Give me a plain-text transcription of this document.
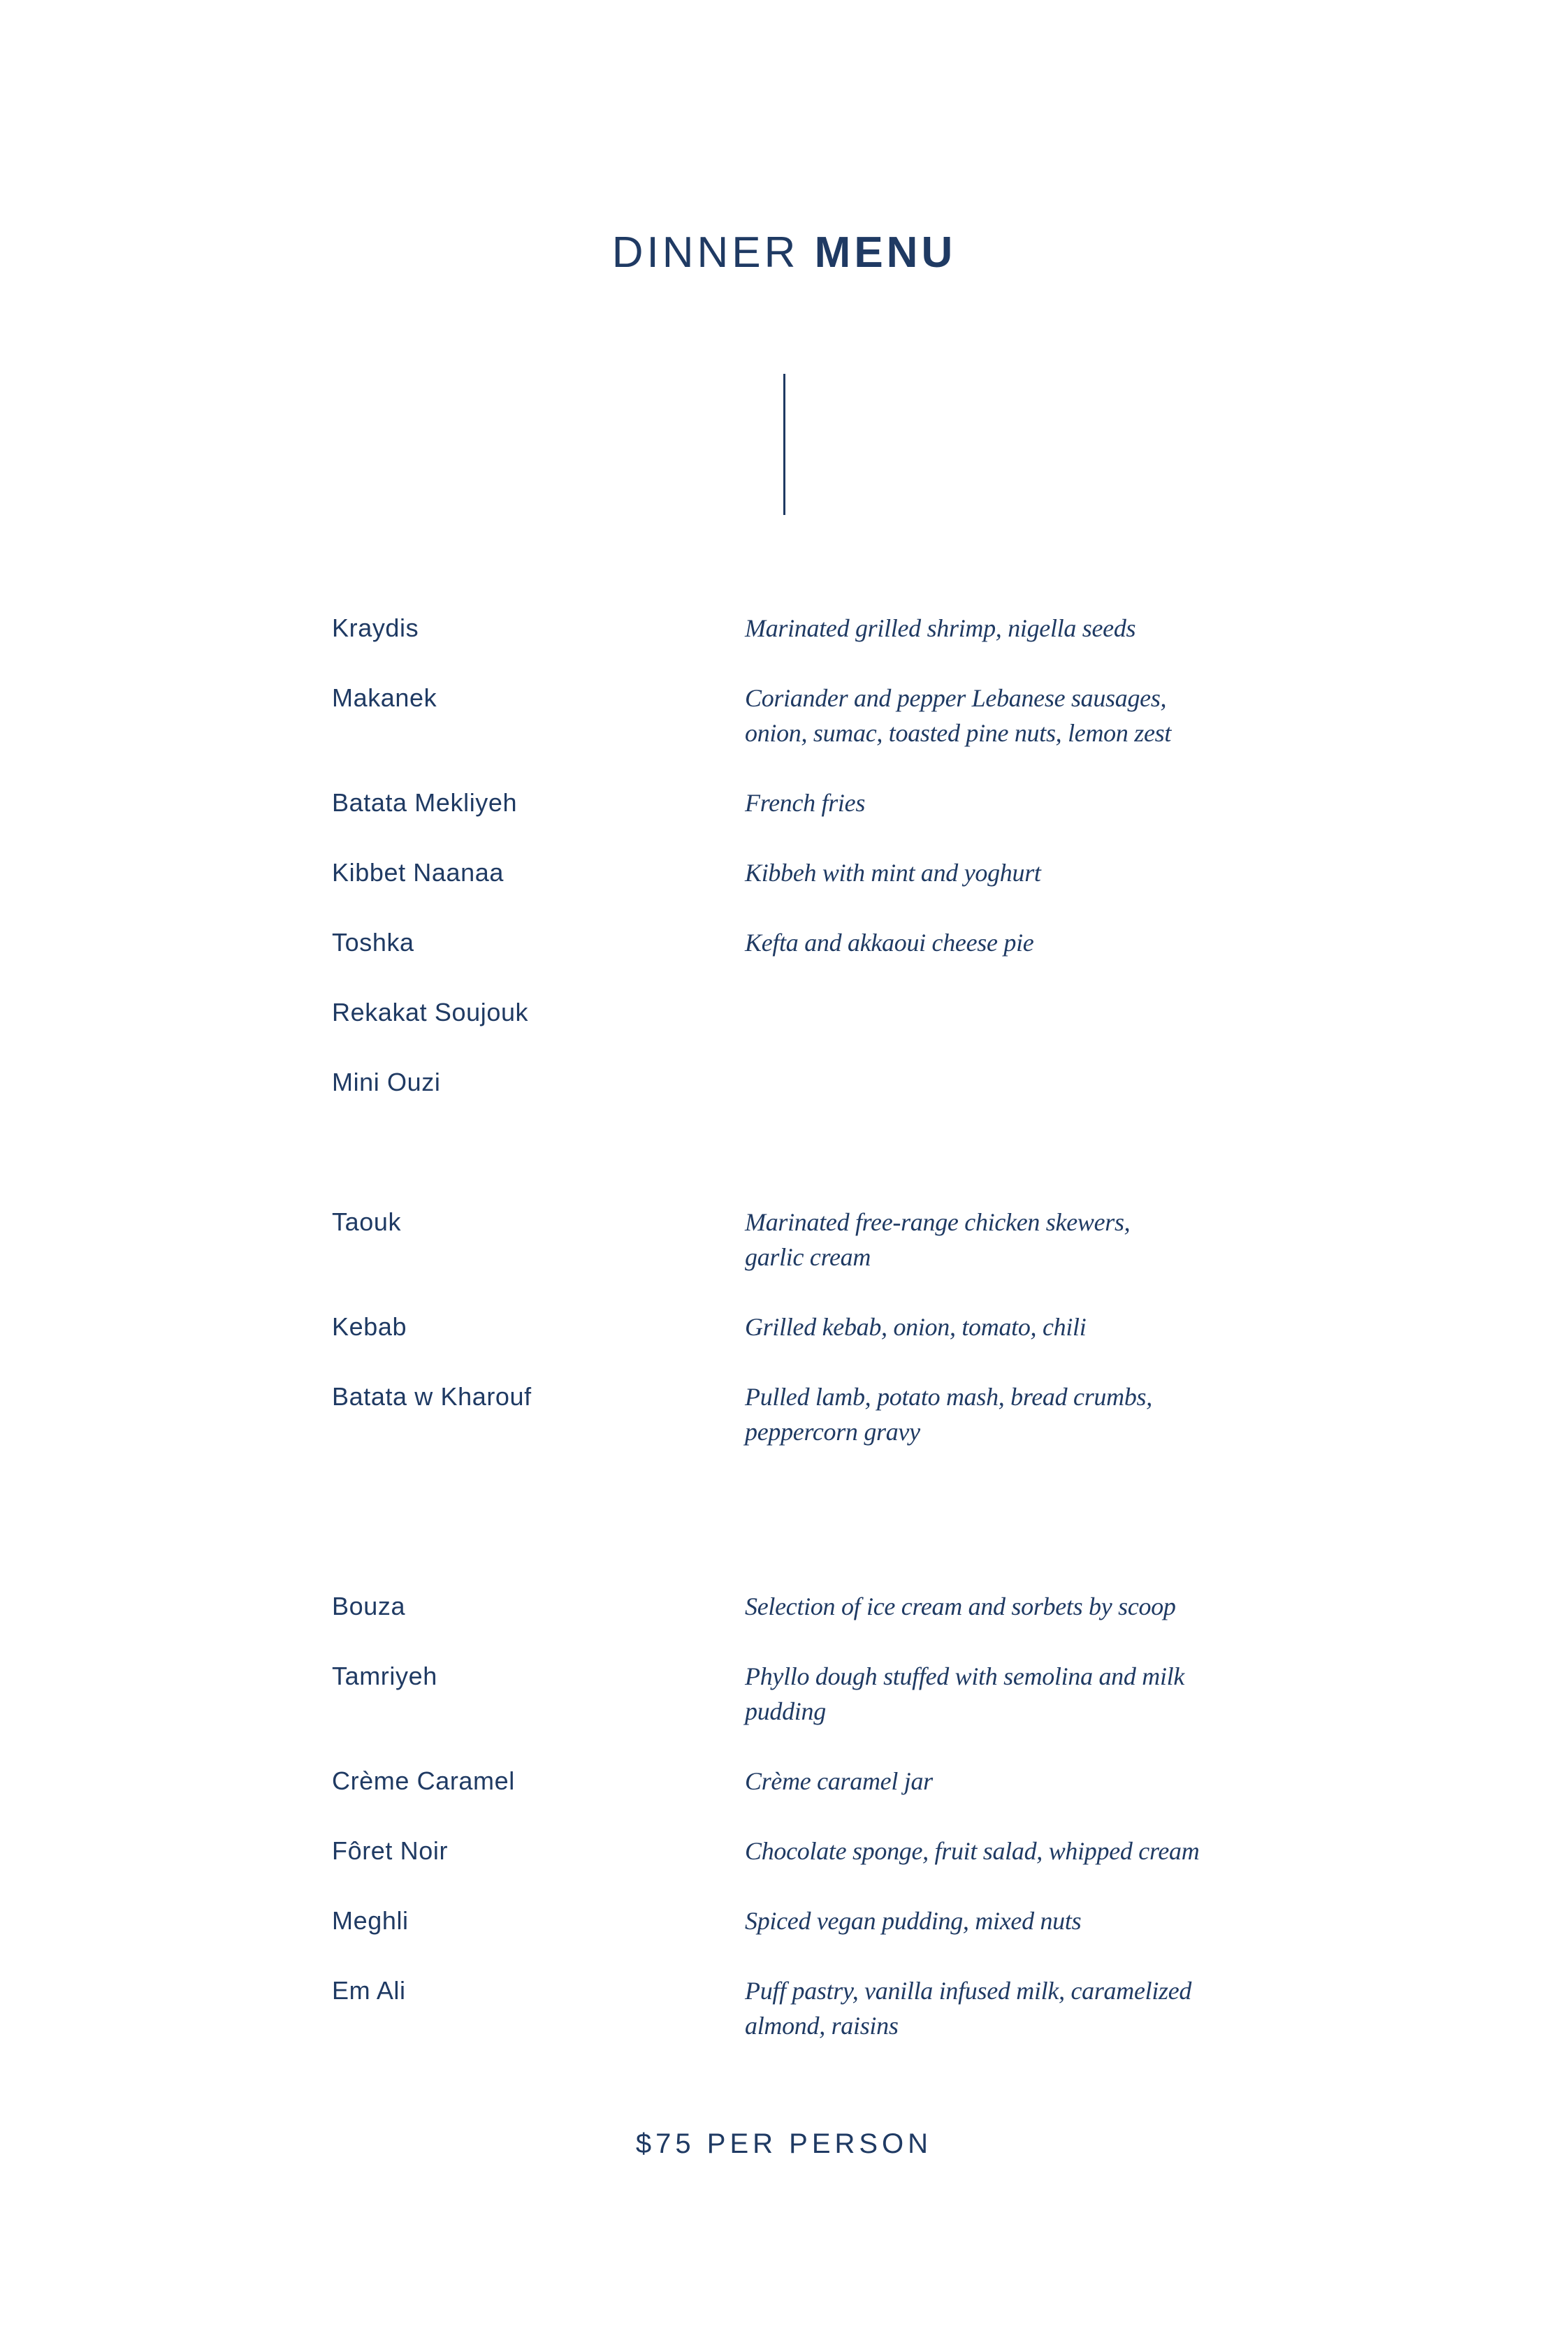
DINNER MENU
Kraydis	Marinated grilled shrimp, nigella seeds
Makanek	Coriander and pepper Lebanese sausages,
onion, sumac, toasted pine nuts, lemon zest
Batata Mekliyeh	French fries
Kibbet Naanaa	Kibbeh with mint and yoghurt
Toshka	Kefta and akkaoui cheese pie
Rekakat Soujouk
Mini Ouzi
Taouk	Marinated free-range chicken skewers,
garlic cream
Kebab	Grilled kebab, onion, tomato, chili
Batata w Kharouf	Pulled lamb, potato mash, bread crumbs,
peppercorn gravy
Bouza	Selection of ice cream and sorbets by scoop
Tamriyeh	Phyllo dough stuffed with semolina and milk
pudding
Crème Caramel	Crème caramel jar
Fôret Noir	Chocolate sponge, fruit salad, whipped cream
Meghli	Spiced vegan pudding, mixed nuts
Em Ali	Puff pastry, vanilla infused milk, caramelized
almond, raisins
$75 PER PERSON
